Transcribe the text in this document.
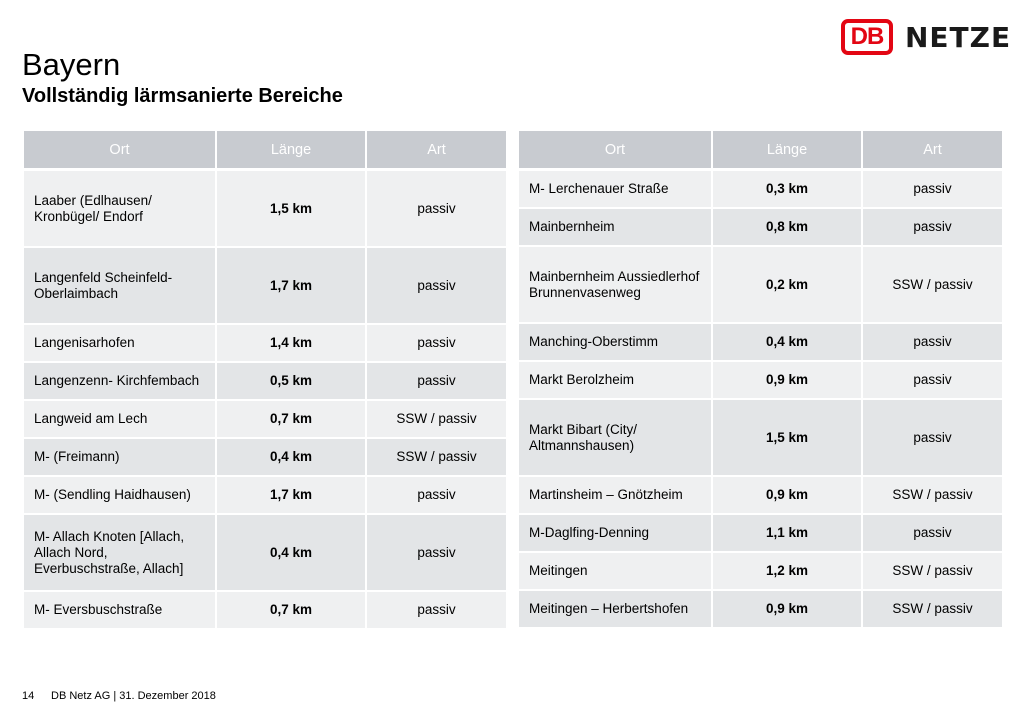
DB NETZE
Bayern
Vollständig lärmsanierte Bereiche
Ort	Länge	Art
Laaber (Edlhausen/ Kronbügel/ Endorf	1,5 km	passiv
Langenfeld Scheinfeld-Oberlaimbach	1,7 km	passiv
Langenisarhofen	1,4 km	passiv
Langenzenn- Kirchfembach	0,5 km	passiv
Langweid am Lech	0,7 km	SSW / passiv
M- (Freimann)	0,4 km	SSW / passiv
M- (Sendling Haidhausen)	1,7 km	passiv
M- Allach Knoten [Allach, Allach Nord, Everbuschstraße, Allach]	0,4 km	passiv
M- Eversbuschstraße	0,7 km	passiv
Ort	Länge	Art
M- Lerchenauer Straße	0,3 km	passiv
Mainbernheim	0,8 km	passiv
Mainbernheim Aussiedlerhof Brunnenvasenweg	0,2 km	SSW / passiv
Manching-Oberstimm	0,4 km	passiv
Markt Berolzheim	0,9 km	passiv
Markt Bibart (City/ Altmannshausen)	1,5 km	passiv
Martinsheim – Gnötzheim	0,9 km	SSW / passiv
M-Daglfing-Denning	1,1 km	passiv
Meitingen	1,2 km	SSW / passiv
Meitingen – Herbertshofen	0,9 km	SSW / passiv
14 DB Netz AG | 31. Dezember 2018
